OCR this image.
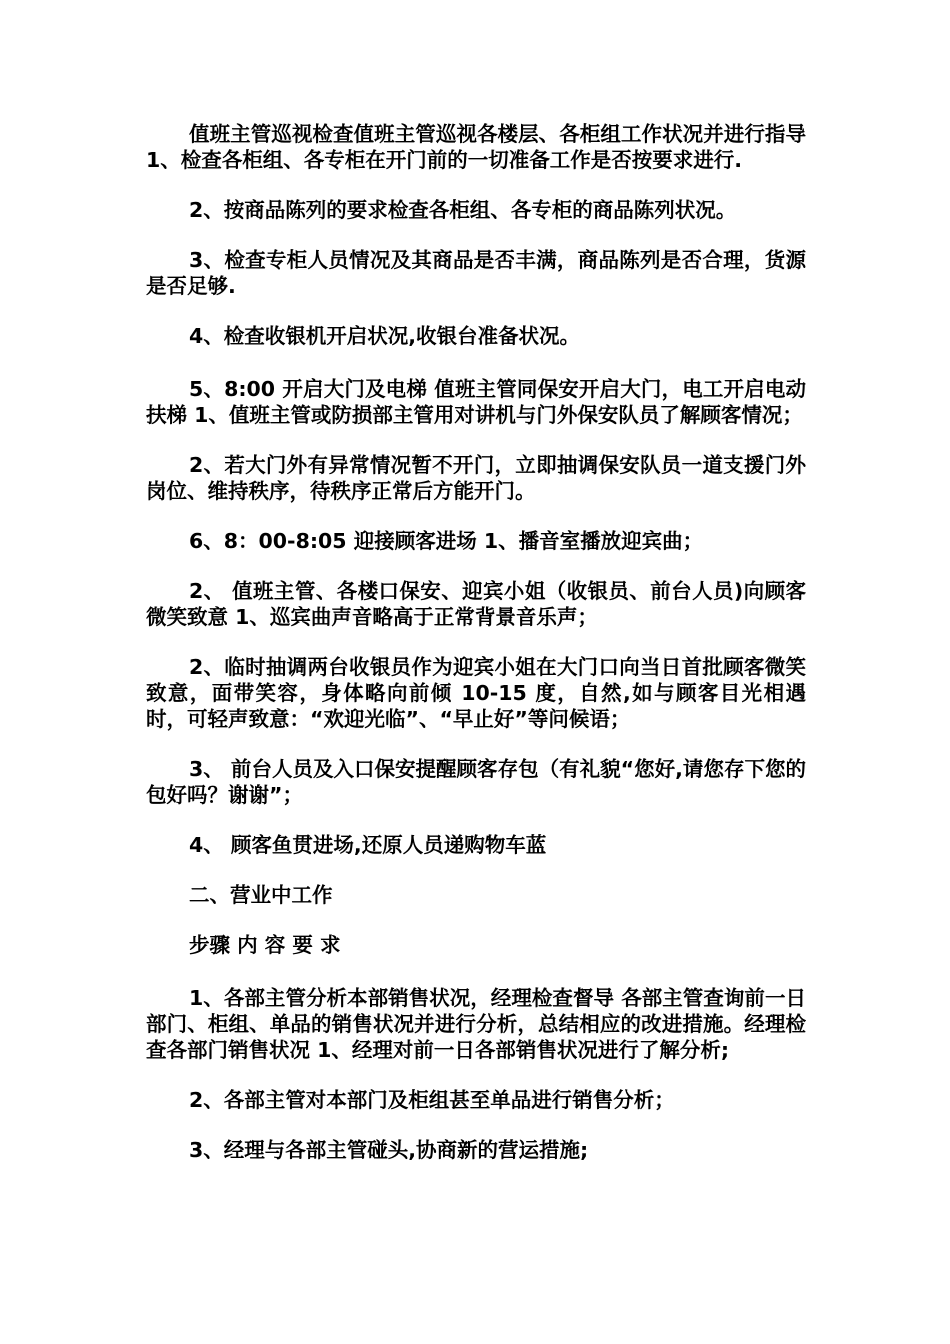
值班主管巡视检查值班主管巡视各楼层、各柜组工作状况并进行指导 1、检查各柜组、各专柜在开门前的一切准备工作是否按要求进行.

2、按商品陈列的要求检查各柜组、各专柜的商品陈列状况。

3、检查专柜人员情况及其商品是否丰满，商品陈列是否合理，货源是否足够.

4、检查收银机开启状况,收银台准备状况。

5、8:00 开启大门及电梯 值班主管同保安开启大门，电工开启电动扶梯 1、值班主管或防损部主管用对讲机与门外保安队员了解顾客情况；

2、若大门外有异常情况暂不开门，立即抽调保安队员一道支援门外岗位、维持秩序，待秩序正常后方能开门。

6、8：00-8:05 迎接顾客进场 1、播音室播放迎宾曲；

2、 值班主管、各楼口保安、迎宾小姐（收银员、前台人员)向顾客微笑致意 1、巡宾曲声音略高于正常背景音乐声；

2、临时抽调两台收银员作为迎宾小姐在大门口向当日首批顾客微笑致意，面带笑容，身体略向前倾 10-15 度，自然,如与顾客目光相遇时，可轻声致意：“欢迎光临”、“早止好”等问候语；

3、 前台人员及入口保安提醒顾客存包（有礼貌“您好,请您存下您的包好吗？谢谢”；

4、 顾客鱼贯进场,还原人员递购物车蓝

二、营业中工作

步骤 内 容 要 求

1、各部主管分析本部销售状况，经理检查督导 各部主管查询前一日部门、柜组、单品的销售状况并进行分析，总结相应的改进措施。经理检查各部门销售状况 1、经理对前一日各部销售状况进行了解分析;

2、各部主管对本部门及柜组甚至单品进行销售分析；

3、经理与各部主管碰头,协商新的营运措施;
